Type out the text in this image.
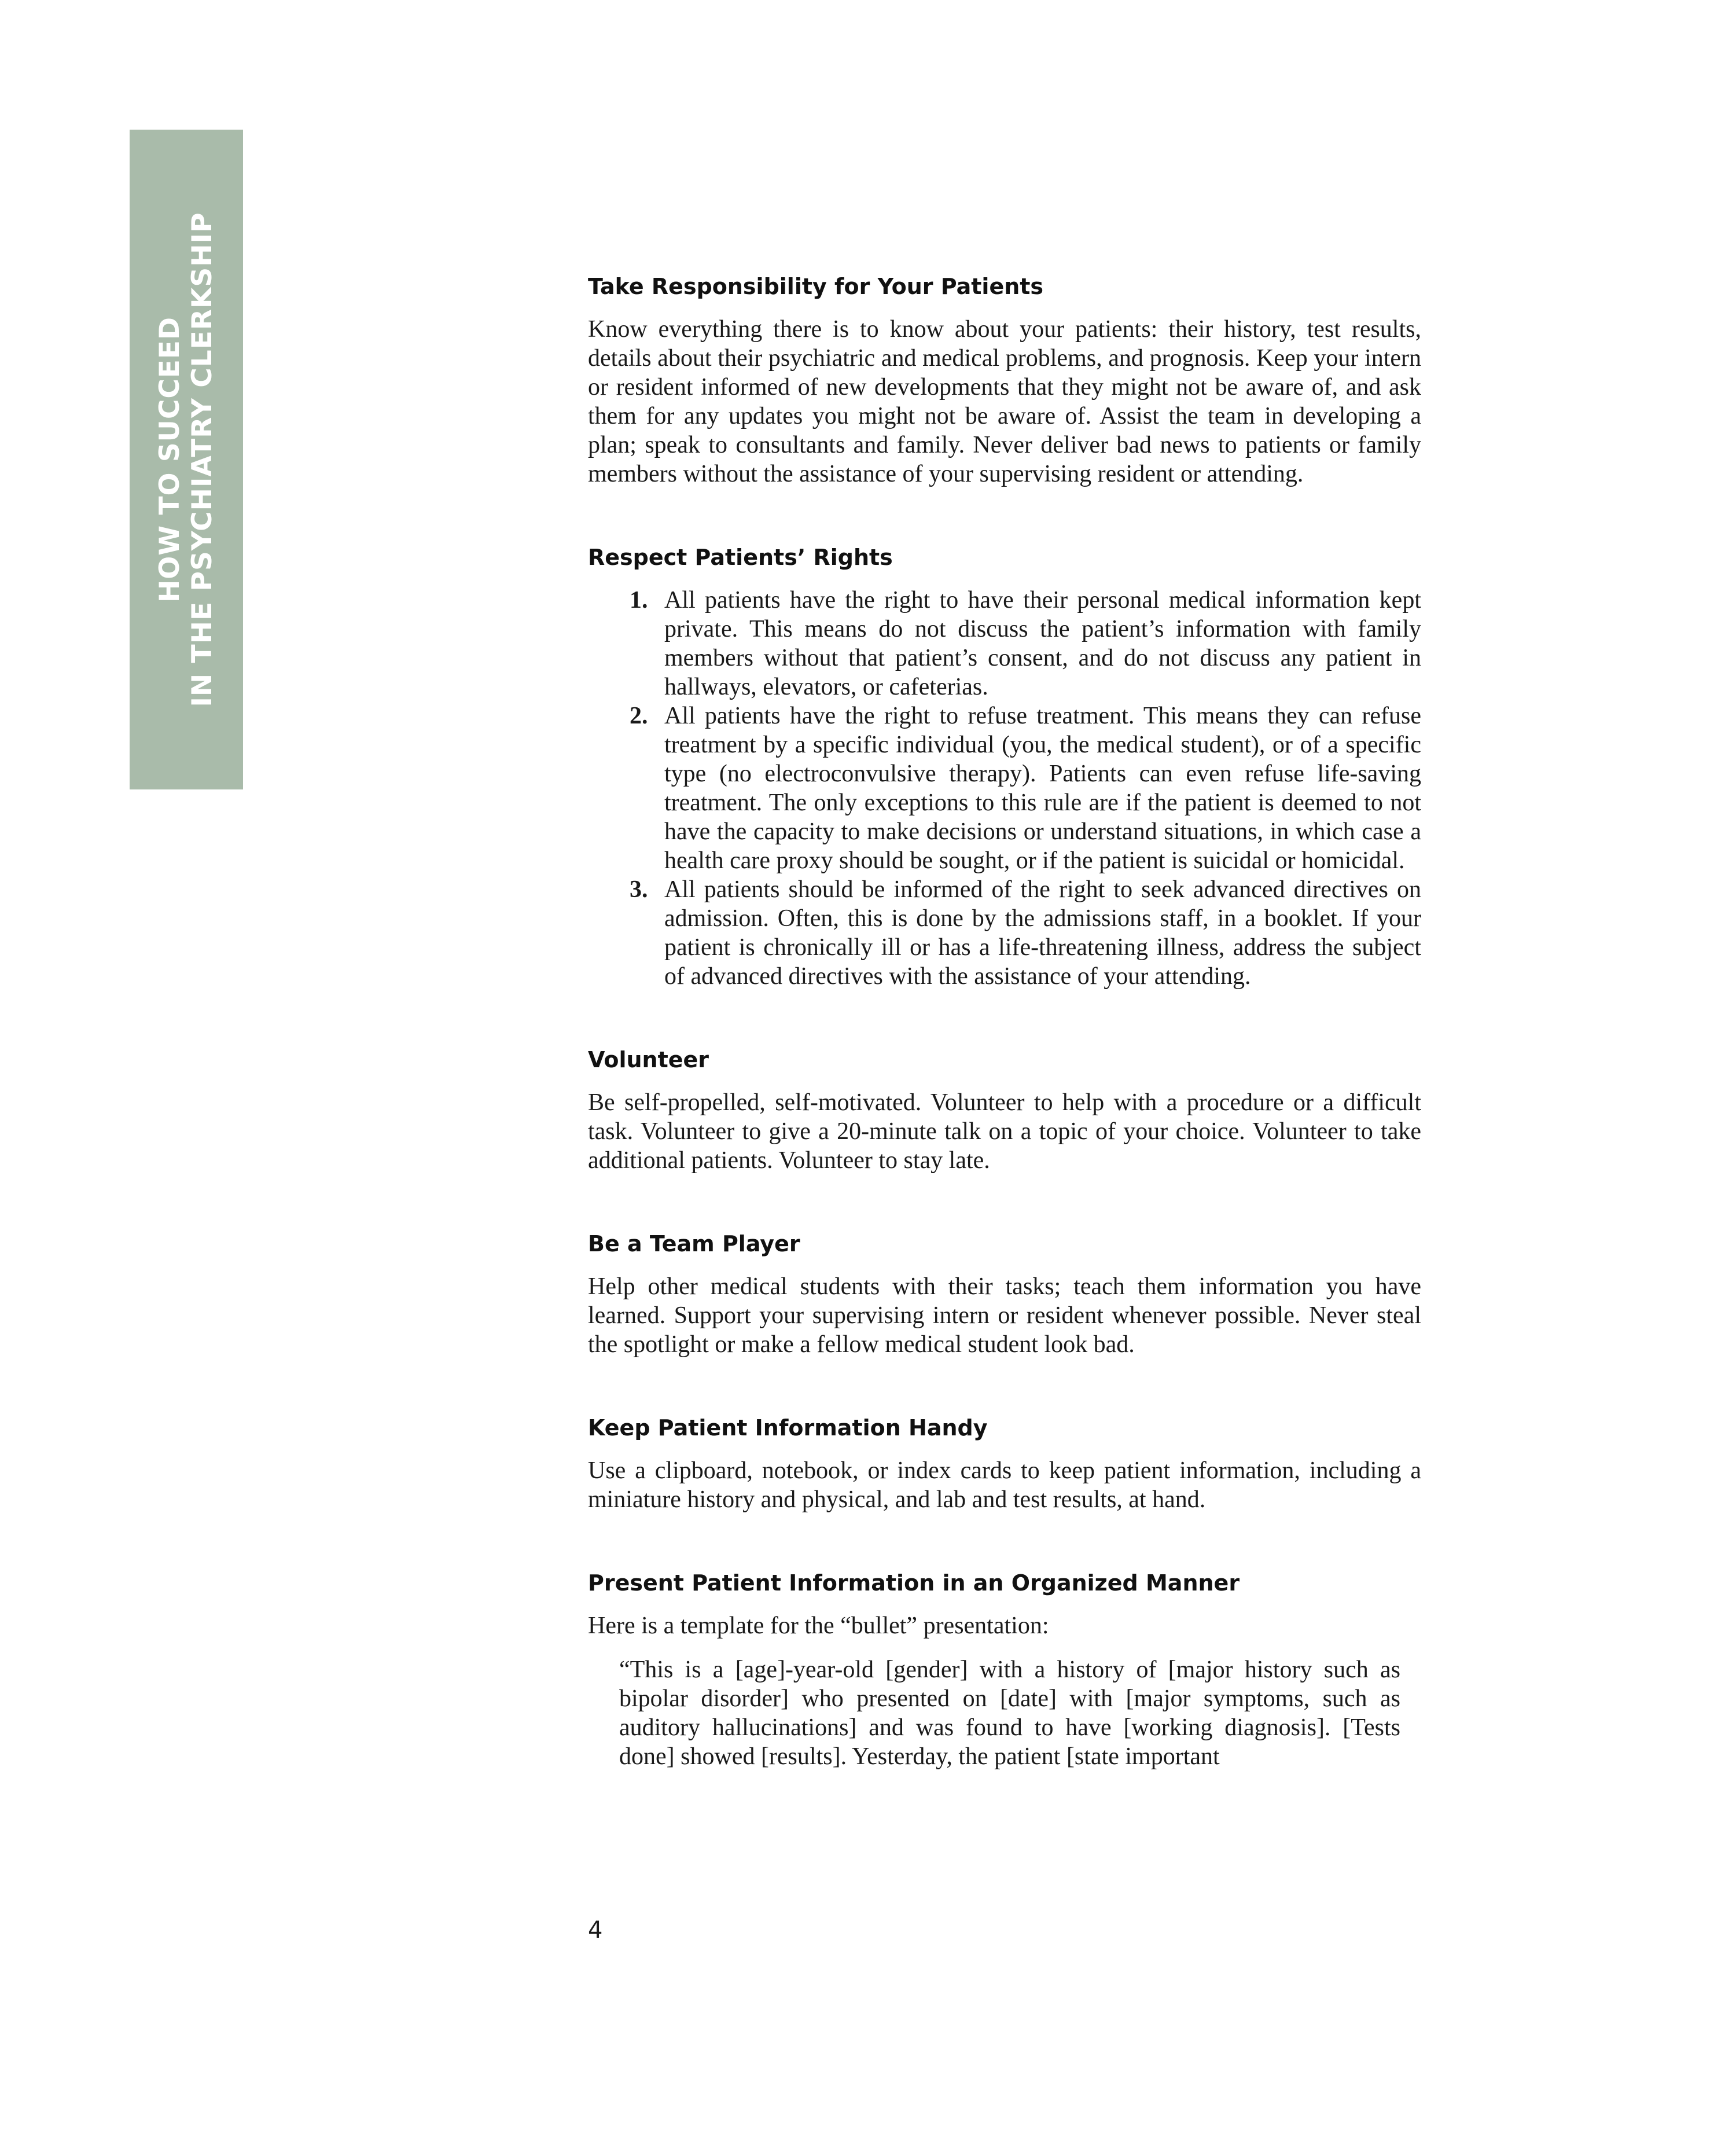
HOW TO SUCCEED IN THE PSYCHIATRY CLERKSHIP	Take Responsibility for Your Patients

Know everything there is to know about your patients: their history, test results, details about their psychiatric and medical problems, and prognosis. Keep your intern or resident informed of new developments that they might not be aware of, and ask them for any updates you might not be aware of. Assist the team in developing a plan; speak to consultants and family. Never deliver bad news to patients or family members without the assistance of your supervising resident or attending.

Respect Patients’ Rights
1. All patients have the right to have their personal medical information kept private. This means do not discuss the patient’s information with family members without that patient’s consent, and do not discuss any patient in hallways, elevators, or cafeterias.
2. All patients have the right to refuse treatment. This means they can refuse treatment by a specific individual (you, the medical student), or of a specific type (no electroconvulsive therapy). Patients can even refuse life-saving treatment. The only exceptions to this rule are if the patient is deemed to not have the capacity to make decisions or understand situations, in which case a health care proxy should be sought, or if the patient is suicidal or homicidal.
3. All patients should be informed of the right to seek advanced directives on admission. Often, this is done by the admissions staff, in a booklet. If your patient is chronically ill or has a life-threatening illness, address the subject of advanced directives with the assistance of your attending.
Volunteer

Be self-propelled, self-motivated. Volunteer to help with a procedure or a difficult task. Volunteer to give a 20-minute talk on a topic of your choice. Volunteer to take additional patients. Volunteer to stay late.

Be a Team Player

Help other medical students with their tasks; teach them information you have learned. Support your supervising intern or resident whenever possible. Never steal the spotlight or make a fellow medical student look bad.

Keep Patient Information Handy

Use a clipboard, notebook, or index cards to keep patient information, including a miniature history and physical, and lab and test results, at hand.

Present Patient Information in an Organized Manner

Here is a template for the “bullet” presentation:

“This is a [age]-year-old [gender] with a history of [major history such as bipolar disorder] who presented on [date] with [major symptoms, such as auditory hallucinations] and was found to have [working diagnosis]. [Tests done] showed [results]. Yesterday, the patient [state important

4
